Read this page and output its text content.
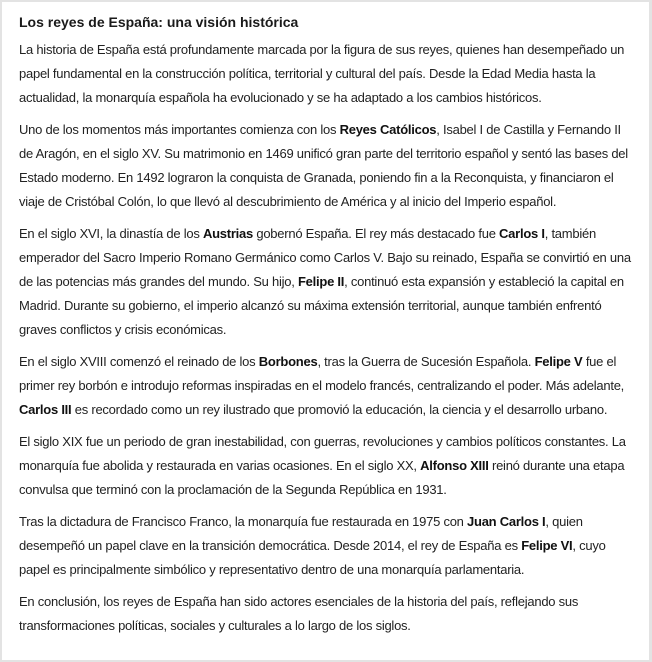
Los reyes de España: una visión histórica

La historia de España está profundamente marcada por la figura de sus reyes, quienes han desempeñado un papel fundamental en la construcción política, territorial y cultural del país. Desde la Edad Media hasta la actualidad, la monarquía española ha evolucionado y se ha adaptado a los cambios históricos.

Uno de los momentos más importantes comienza con los Reyes Católicos, Isabel I de Castilla y Fernando II de Aragón, en el siglo XV. Su matrimonio en 1469 unificó gran parte del territorio español y sentó las bases del Estado moderno. En 1492 lograron la conquista de Granada, poniendo fin a la Reconquista, y financiaron el viaje de Cristóbal Colón, lo que llevó al descubrimiento de América y al inicio del Imperio español.

En el siglo XVI, la dinastía de los Austrias gobernó España. El rey más destacado fue Carlos I, también emperador del Sacro Imperio Romano Germánico como Carlos V. Bajo su reinado, España se convirtió en una de las potencias más grandes del mundo. Su hijo, Felipe II, continuó esta expansión y estableció la capital en Madrid. Durante su gobierno, el imperio alcanzó su máxima extensión territorial, aunque también enfrentó graves conflictos y crisis económicas.

En el siglo XVIII comenzó el reinado de los Borbones, tras la Guerra de Sucesión Española. Felipe V fue el primer rey borbón e introdujo reformas inspiradas en el modelo francés, centralizando el poder. Más adelante, Carlos III es recordado como un rey ilustrado que promovió la educación, la ciencia y el desarrollo urbano.

El siglo XIX fue un periodo de gran inestabilidad, con guerras, revoluciones y cambios políticos constantes. La monarquía fue abolida y restaurada en varias ocasiones. En el siglo XX, Alfonso XIII reinó durante una etapa convulsa que terminó con la proclamación de la Segunda República en 1931.

Tras la dictadura de Francisco Franco, la monarquía fue restaurada en 1975 con Juan Carlos I, quien desempeñó un papel clave en la transición democrática. Desde 2014, el rey de España es Felipe VI, cuyo papel es principalmente simbólico y representativo dentro de una monarquía parlamentaria.

En conclusión, los reyes de España han sido actores esenciales de la historia del país, reflejando sus transformaciones políticas, sociales y culturales a lo largo de los siglos.
